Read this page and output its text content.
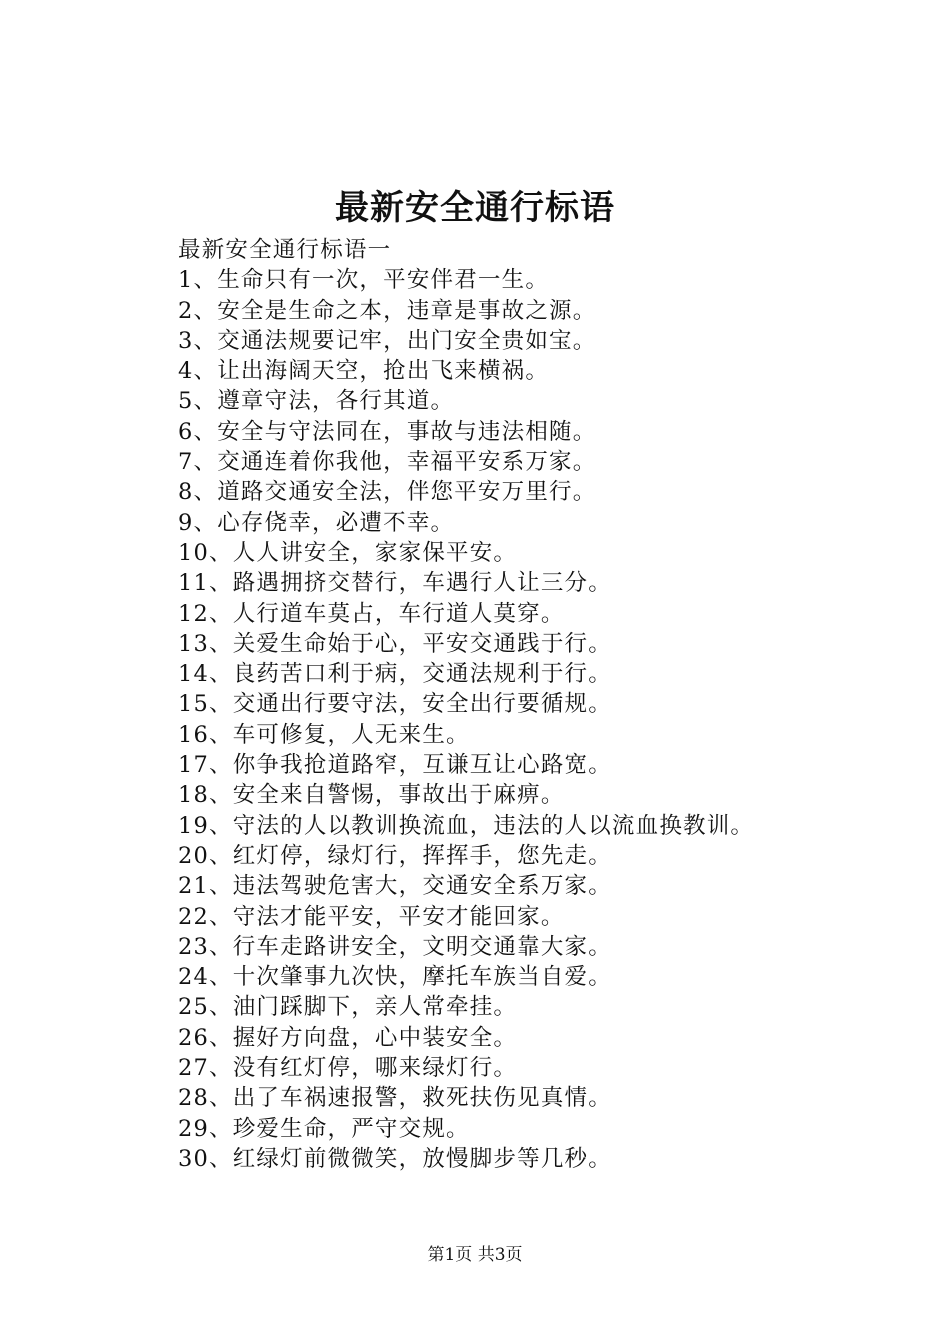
最新安全通行标语
最新安全通行标语一
1、生命只有一次，平安伴君一生。
2、安全是生命之本，违章是事故之源。
3、交通法规要记牢，出门安全贵如宝。
4、让出海阔天空，抢出飞来横祸。
5、遵章守法，各行其道。
6、安全与守法同在，事故与违法相随。
7、交通连着你我他，幸福平安系万家。
8、道路交通安全法，伴您平安万里行。
9、心存侥幸，必遭不幸。
10、人人讲安全，家家保平安。
11、路遇拥挤交替行，车遇行人让三分。
12、人行道车莫占，车行道人莫穿。
13、关爱生命始于心，平安交通践于行。
14、良药苦口利于病，交通法规利于行。
15、交通出行要守法，安全出行要循规。
16、车可修复，人无来生。
17、你争我抢道路窄，互谦互让心路宽。
18、安全来自警惕，事故出于麻痹。
19、守法的人以教训换流血，违法的人以流血换教训。
20、红灯停，绿灯行，挥挥手，您先走。
21、违法驾驶危害大，交通安全系万家。
22、守法才能平安，平安才能回家。
23、行车走路讲安全，文明交通靠大家。
24、十次肇事九次快，摩托车族当自爱。
25、油门踩脚下，亲人常牵挂。
26、握好方向盘，心中装安全。
27、没有红灯停，哪来绿灯行。
28、出了车祸速报警，救死扶伤见真情。
29、珍爱生命，严守交规。
30、红绿灯前微微笑，放慢脚步等几秒。
第1页 共3页
